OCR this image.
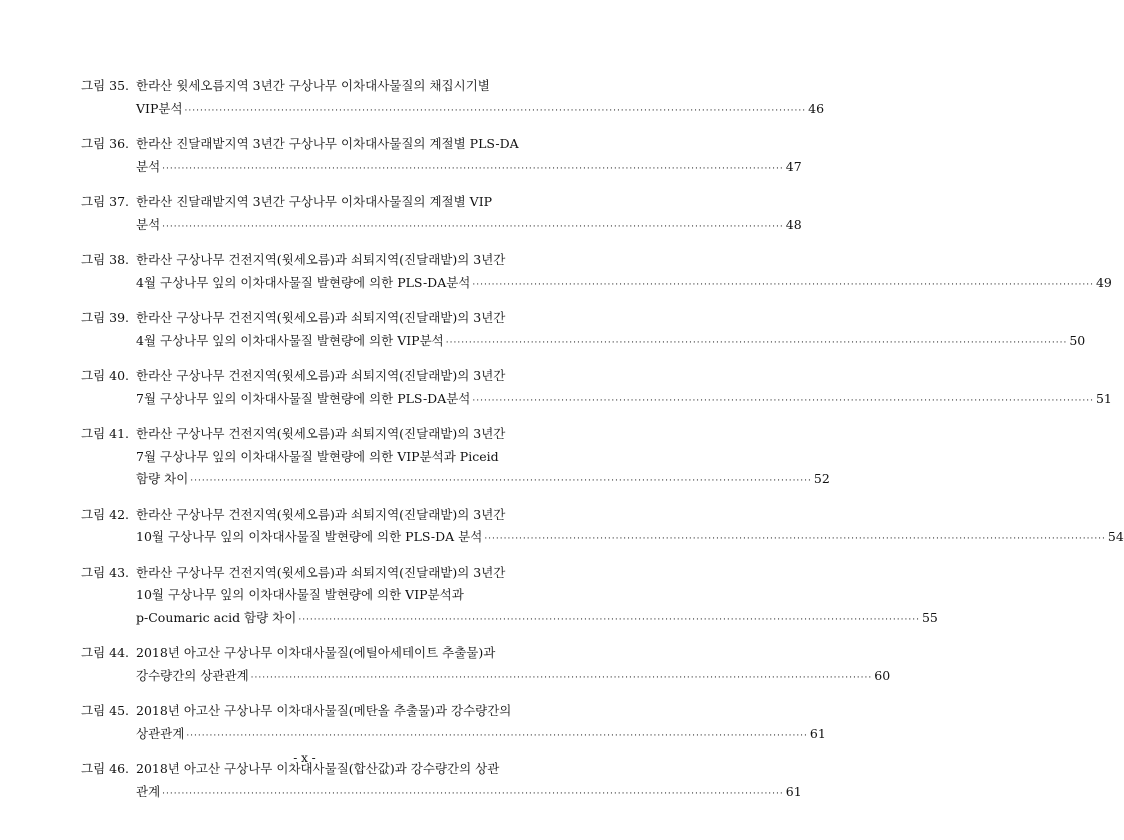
그림 35. 한라산 윗세오름지역 3년간 구상나무 이차대사물질의 채집시기별
VIP분석 ·····	46
그림 36. 한라산 진달래밭지역 3년간 구상나무 이차대사물질의 계절별 PLS-DA
분석 ·····	47
그림 37. 한라산 진달래밭지역 3년간 구상나무 이차대사물질의 계절별 VIP
분석 ·····	48
그림 38. 한라산 구상나무 건전지역(윗세오름)과 쇠퇴지역(진달래밭)의 3년간
4월 구상나무 잎의 이차대사물질 발현량에 의한 PLS-DA분석 ·····	49
그림 39. 한라산 구상나무 건전지역(윗세오름)과 쇠퇴지역(진달래밭)의 3년간
4월 구상나무 잎의 이차대사물질 발현량에 의한 VIP분석 ·····	50
그림 40. 한라산 구상나무 건전지역(윗세오름)과 쇠퇴지역(진달래밭)의 3년간
7월 구상나무 잎의 이차대사물질 발현량에 의한 PLS-DA분석 ·····	51
그림 41. 한라산 구상나무 건전지역(윗세오름)과 쇠퇴지역(진달래밭)의 3년간
7월 구상나무 잎의 이차대사물질 발현량에 의한 VIP분석과 Piceid
함량 차이 ·····	52
그림 42. 한라산 구상나무 건전지역(윗세오름)과 쇠퇴지역(진달래밭)의 3년간
10월 구상나무 잎의 이차대사물질 발현량에 의한 PLS-DA 분석 ·····	54
그림 43. 한라산 구상나무 건전지역(윗세오름)과 쇠퇴지역(진달래밭)의 3년간
10월 구상나무 잎의 이차대사물질 발현량에 의한 VIP분석과
p-Coumaric acid 함량 차이 ·····	55
그림 44. 2018년 아고산 구상나무 이차대사물질(에틸아세테이트 추출물)과
강수량간의 상관관계 ·····	60
그림 45. 2018년 아고산 구상나무 이차대사물질(메탄올 추출물)과 강수량간의
상관관계 ·····	61
그림 46. 2018년 아고산 구상나무 이차대사물질(합산값)과 강수량간의 상관
관계 ·····	61
- x -
